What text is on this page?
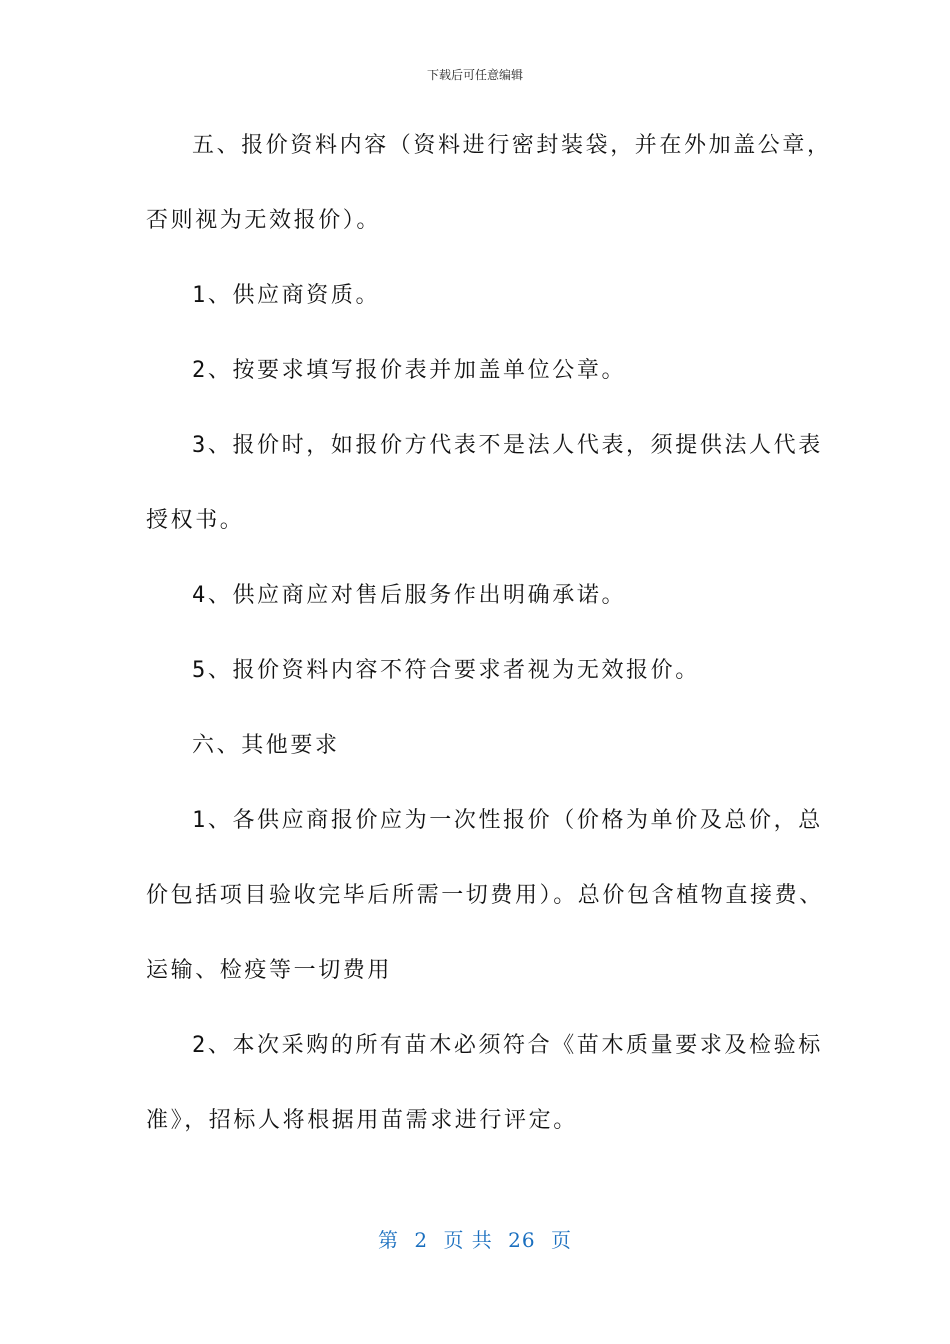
下载后可任意编辑
五、报价资料内容（资料进行密封装袋，并在外加盖公章，
否则视为无效报价）。
1、供应商资质。
2、按要求填写报价表并加盖单位公章。
3、报价时，如报价方代表不是法人代表，须提供法人代表
授权书。
4、供应商应对售后服务作出明确承诺。
5、报价资料内容不符合要求者视为无效报价。
六、其他要求
1、各供应商报价应为一次性报价（价格为单价及总价，总
价包括项目验收完毕后所需一切费用）。总价包含植物直接费、
运输、检疫等一切费用
2、本次采购的所有苗木必须符合《苗木质量要求及检验标
准》，招标人将根据用苗需求进行评定。
第 2 页 共 26 页
